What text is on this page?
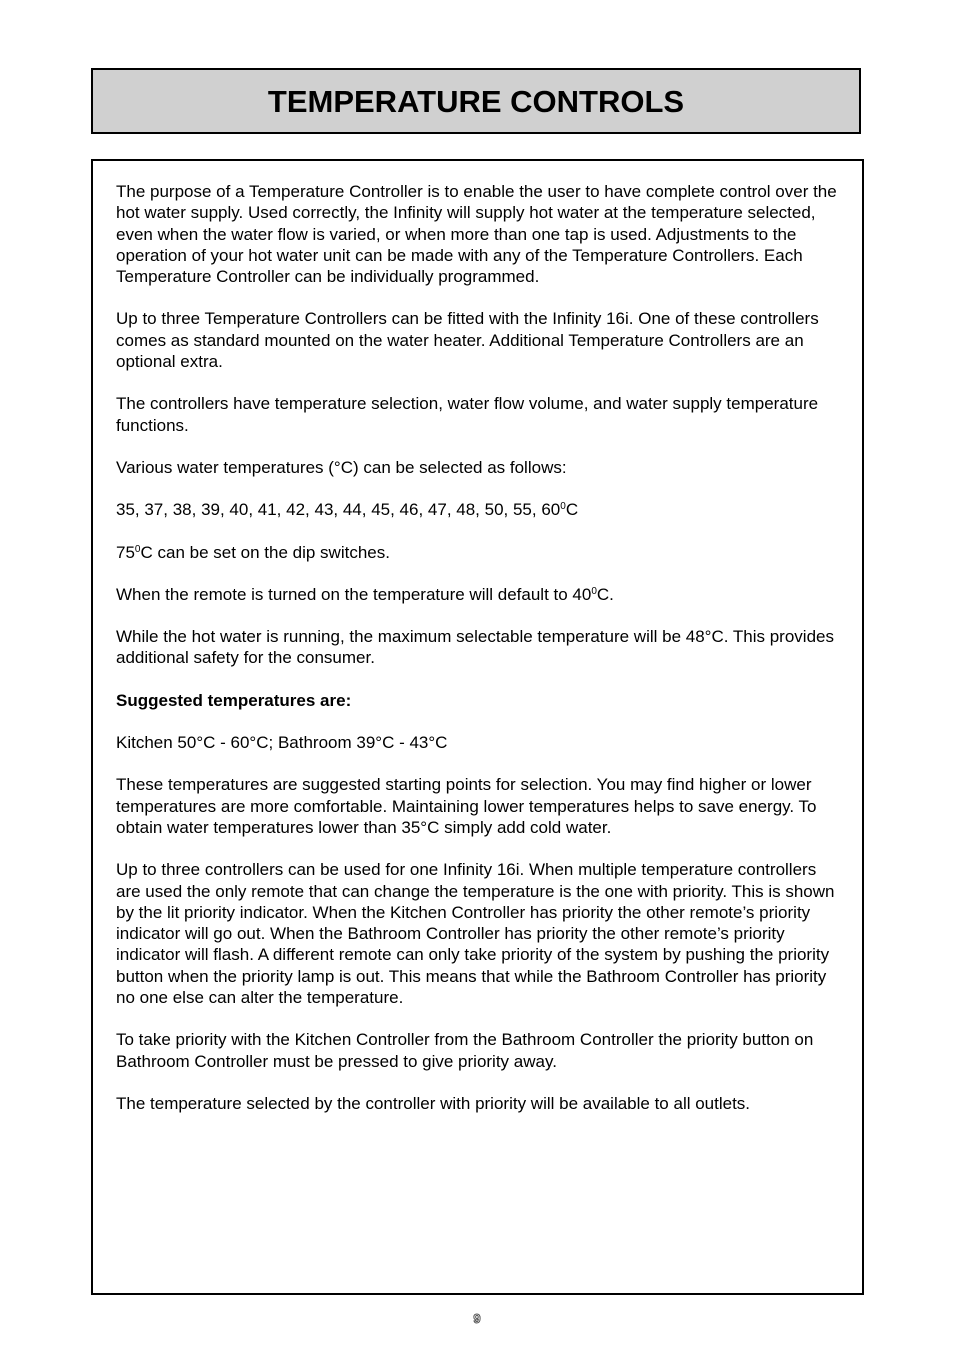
TEMPERATURE CONTROLS

The purpose of a Temperature Controller is to enable the user to have complete control over the hot water supply. Used correctly, the Infinity will supply hot water at the temperature selected, even when the water flow is varied, or when more than one tap is used. Adjustments to the operation of your hot water unit can be made with any of the Temperature Controllers. Each Temperature Controller can be individually programmed.

Up to three Temperature Controllers can be fitted with the Infinity 16i. One of these controllers comes as standard mounted on the water heater. Additional Temperature Controllers are an optional extra.

The controllers have temperature selection, water flow volume, and water supply temperature functions.

Various water temperatures (°C) can be selected as follows:

35, 37, 38, 39, 40, 41, 42, 43, 44, 45, 46, 47, 48, 50, 55, $60^0C$

$75^0C$ can be set on the dip switches.

When the remote is turned on the temperature will default to $40^0C$.

While the hot water is running, the maximum selectable temperature will be 48°C. This provides additional safety for the consumer.

Suggested temperatures are:

Kitchen 50°C - 60°C; Bathroom 39°C - 43°C

These temperatures are suggested starting points for selection. You may find higher or lower temperatures are more comfortable. Maintaining lower temperatures helps to save energy. To obtain water temperatures lower than 35°C simply add cold water.

Up to three controllers can be used for one Infinity 16i. When multiple temperature controllers are used the only remote that can change the temperature is the one with priority. This is shown by the lit priority indicator. When the Kitchen Controller has priority the other remote’s priority indicator will go out. When the Bathroom Controller has priority the other remote’s priority indicator will flash. A different remote can only take priority of the system by pushing the priority button when the priority lamp is out. This means that while the Bathroom Controller has priority no one else can alter the temperature.

To take priority with the Kitchen Controller from the Bathroom Controller the priority button on Bathroom Controller must be pressed to give priority away.

The temperature selected by the controller with priority will be available to all outlets.

9
